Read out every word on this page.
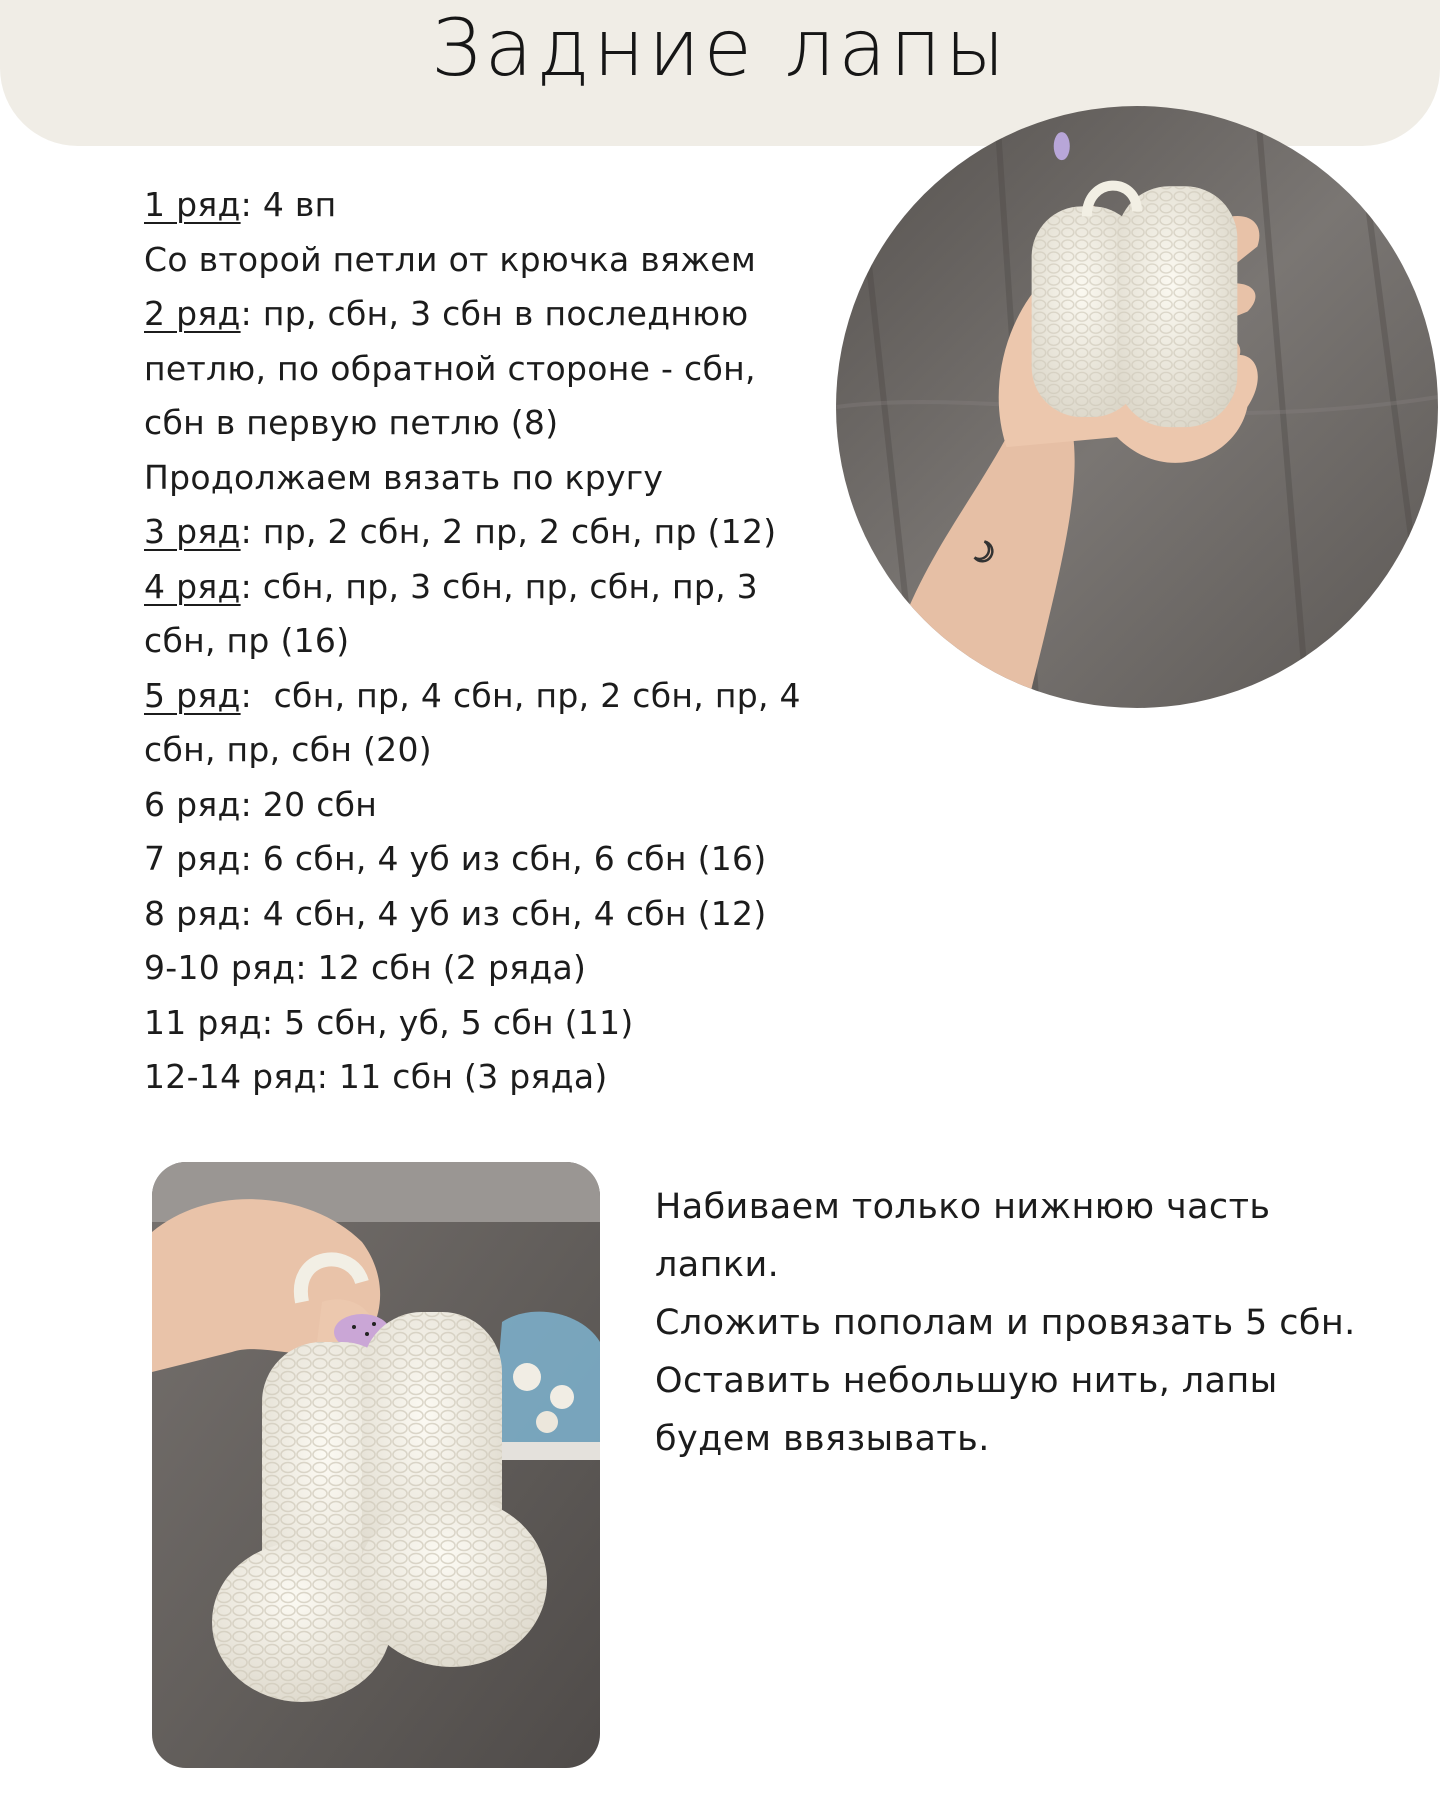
Задние лапы
1 ряд: 4 вп
Со второй петли от крючка вяжем
2 ряд: пр, сбн, 3 сбн в последнюю
петлю, по обратной стороне - сбн,
сбн в первую петлю (8)
Продолжаем вязать по кругу
3 ряд: пр, 2 сбн, 2 пр, 2 сбн, пр (12)
4 ряд: сбн, пр, 3 сбн, пр, сбн, пр, 3
сбн, пр (16)
5 ряд:  сбн, пр, 4 сбн, пр, 2 сбн, пр, 4
сбн, пр, сбн (20)
6 ряд: 20 сбн
7 ряд: 6 сбн, 4 уб из сбн, 6 сбн (16)
8 ряд: 4 сбн, 4 уб из сбн, 4 сбн (12)
9-10 ряд: 12 сбн (2 ряда)
11 ряд: 5 сбн, уб, 5 сбн (11)
12-14 ряд: 11 сбн (3 ряда)
Набиваем только нижнюю часть
лапки.
Сложить пополам и провязать 5 сбн.
Оставить небольшую нить, лапы
будем ввязывать.
